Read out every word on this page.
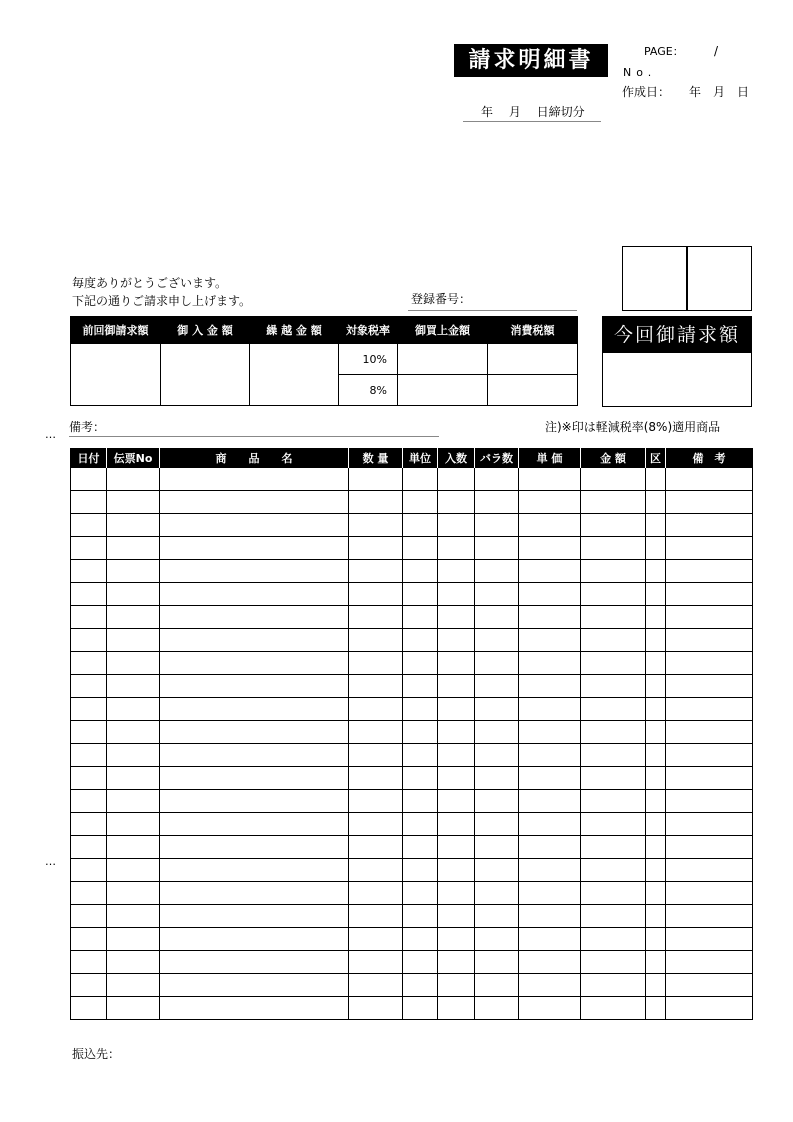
請求明細書	PAGE：	/
No.
作成日： 年　月　日
年　 月　 日締切分
毎度ありがとうございます。
下記の通りご請求申し上げます。	登録番号：
前回御請求額	御 入 金 額	繰 越 金 額	対象税率	御買上金額	消費税額
			10%		
			8%		
今回御請求額
…
備考：	注)※印は軽減税率(8%)適用商品
日付	伝票No	商　　品　　名	数 量	単位	入数	バラ数	単 価	金 額	区	備　考

…
振込先：
